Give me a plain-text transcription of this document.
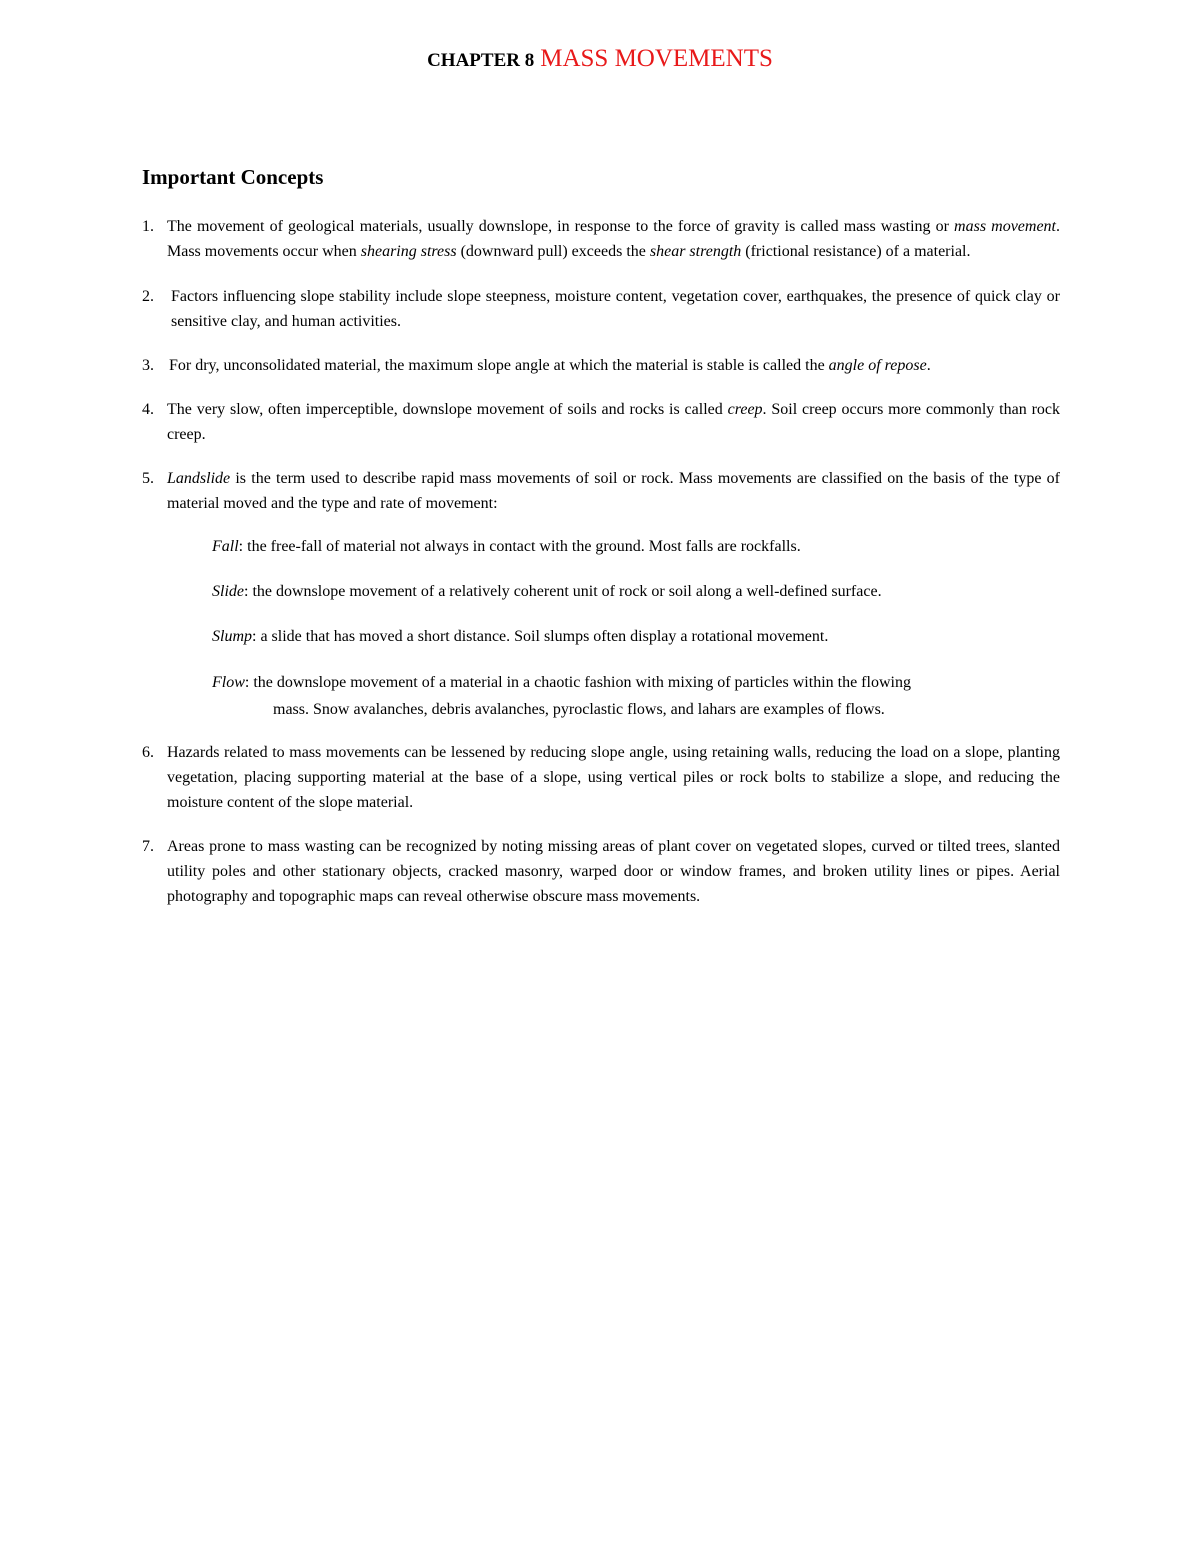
CHAPTER 8 MASS MOVEMENTS
Important Concepts

1. The movement of geological materials, usually downslope, in response to the force of gravity is called mass wasting or mass movement. Mass movements occur when shearing stress (downward pull) exceeds the shear strength (frictional resistance) of a material.

2.	Factors influencing slope stability include slope steepness, moisture content, vegetation cover, earthquakes, the presence of quick clay or sensitive clay, and human activities.

3. For dry, unconsolidated material, the maximum slope angle at which the material is stable is called the angle of repose.

4. The very slow, often imperceptible, downslope movement of soils and rocks is called creep. Soil creep occurs more commonly than rock creep.

5. Landslide is the term used to describe rapid mass movements of soil or rock. Mass movements are classified on the basis of the type of material moved and the type and rate of movement:

Fall: the free-fall of material not always in contact with the ground. Most falls are rockfalls.

Slide: the downslope movement of a relatively coherent unit of rock or soil along a well-defined surface.

Slump: a slide that has moved a short distance. Soil slumps often display a rotational movement.

Flow: the downslope movement of a material in a chaotic fashion with mixing of particles within the flowing
mass. Snow avalanches, debris avalanches, pyroclastic flows, and lahars are examples of flows.

6. Hazards related to mass movements can be lessened by reducing slope angle, using retaining walls, reducing the load on a slope, planting vegetation, placing supporting material at the base of a slope, using vertical piles or rock bolts to stabilize a slope, and reducing the moisture content of the slope material.

7. Areas prone to mass wasting can be recognized by noting missing areas of plant cover on vegetated slopes, curved or tilted trees, slanted utility poles and other stationary objects, cracked masonry, warped door or window frames, and broken utility lines or pipes. Aerial photography and topographic maps can reveal otherwise obscure mass movements.
